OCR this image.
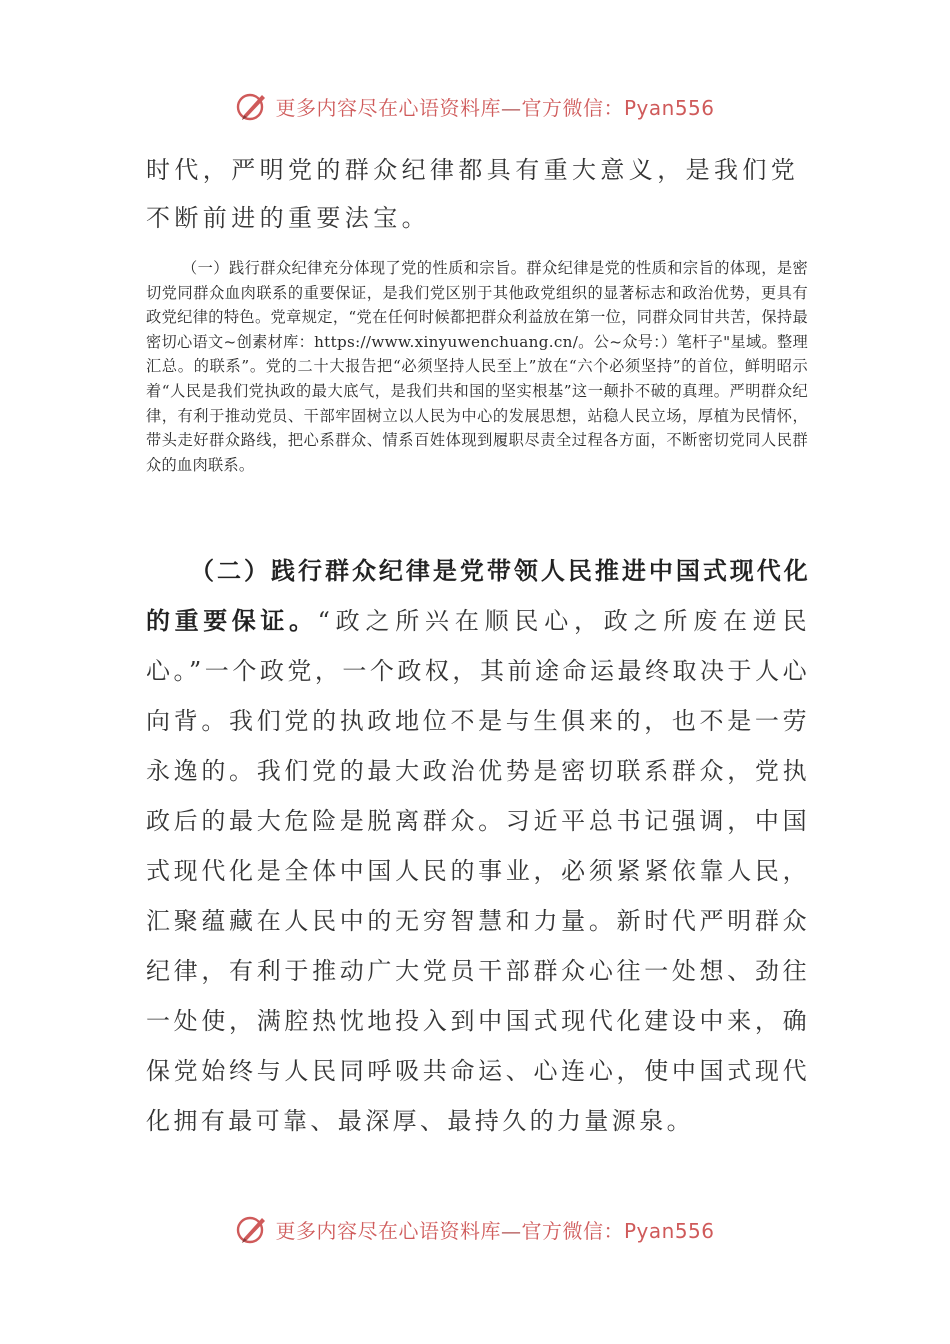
更多内容尽在心语资料库—官方微信：Pyan556
时代，严明党的群众纪律都具有重大意义，是我们党不断前进的重要法宝。
（一）践行群众纪律充分体现了党的性质和宗旨。群众纪律是党的性质和宗旨的体现，是密切党同群众血肉联系的重要保证，是我们党区别于其他政党组织的显著标志和政治优势，更具有政党纪律的特色。党章规定，“党在任何时候都把群众利益放在第一位，同群众同甘共苦，保持最密切心语文~创素材库：https://www.xinyuwenchuang.cn/。公~众号：）笔杆子"星域。整理汇总。的联系”。党的二十大报告把“必须坚持人民至上”放在“六个必须坚持”的首位，鲜明昭示着“人民是我们党执政的最大底气，是我们共和国的坚实根基”这一颠扑不破的真理。严明群众纪律，有利于推动党员、干部牢固树立以人民为中心的发展思想，站稳人民立场，厚植为民情怀，带头走好群众路线，把心系群众、情系百姓体现到履职尽责全过程各方面，不断密切党同人民群众的血肉联系。
（二）践行群众纪律是党带领人民推进中国式现代化的重要保证。“政之所兴在顺民心，政之所废在逆民心。”一个政党，一个政权，其前途命运最终取决于人心向背。我们党的执政地位不是与生俱来的，也不是一劳永逸的。我们党的最大政治优势是密切联系群众，党执政后的最大危险是脱离群众。习近平总书记强调，中国式现代化是全体中国人民的事业，必须紧紧依靠人民，汇聚蕴藏在人民中的无穷智慧和力量。新时代严明群众纪律，有利于推动广大党员干部群众心往一处想、劲往一处使，满腔热忱地投入到中国式现代化建设中来，确保党始终与人民同呼吸共命运、心连心，使中国式现代化拥有最可靠、最深厚、最持久的力量源泉。
更多内容尽在心语资料库—官方微信：Pyan556
